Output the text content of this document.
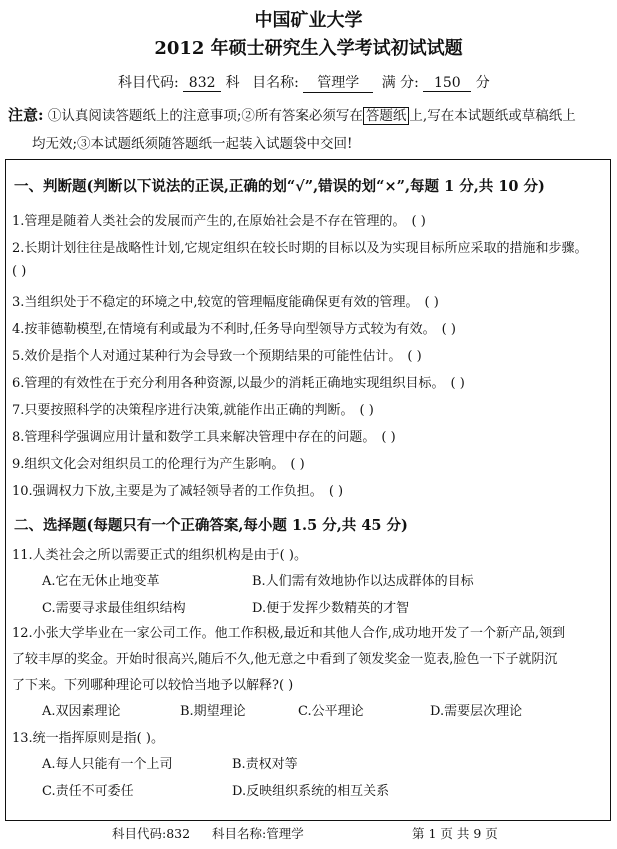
中国矿业大学
2012 年硕士研究生入学考试初试试题
科目代码: 832 科 目名称: 管理学 满 分: 150 分
注意: ①认真阅读答题纸上的注意事项;②所有答案必须写在 答题纸 上,写在本试题纸或草稿纸上
均无效;③本试题纸须随答题纸一起装入试题袋中交回!
一、判断题(判断以下说法的正误,正确的划“√”,错误的划“×”,每题 1 分,共 10 分)
1.管理是随着人类社会的发展而产生的,在原始社会是不存在管理的。 ( )
2.长期计划往往是战略性计划,它规定组织在较长时期的目标以及为实现目标所应采取的措施和步骤。
( )
3.当组织处于不稳定的环境之中,较宽的管理幅度能确保更有效的管理。 ( )
4.按菲德勒模型,在情境有利或最为不利时,任务导向型领导方式较为有效。 ( )
5.效价是指个人对通过某种行为会导致一个预期结果的可能性估计。 ( )
6.管理的有效性在于充分利用各种资源,以最少的消耗正确地实现组织目标。 ( )
7.只要按照科学的决策程序进行决策,就能作出正确的判断。 ( )
8.管理科学强调应用计量和数学工具来解决管理中存在的问题。 ( )
9.组织文化会对组织员工的伦理行为产生影响。 ( )
10.强调权力下放,主要是为了减轻领导者的工作负担。 ( )
二、选择题(每题只有一个正确答案,每小题 1.5 分,共 45 分)
11.人类社会之所以需要正式的组织机构是由于( )。
A.它在无休止地变革	B.人们需有效地协作以达成群体的目标
C.需要寻求最佳组织结构	D.便于发挥少数精英的才智
12.小张大学毕业在一家公司工作。他工作积极,最近和其他人合作,成功地开发了一个新产品,领到
了较丰厚的奖金。开始时很高兴,随后不久,他无意之中看到了领发奖金一览表,脸色一下子就阴沉
了下来。下列哪种理论可以较恰当地予以解释?( )
A.双因素理论	B.期望理论	C.公平理论	D.需要层次理论
13.统一指挥原则是指( )。
A.每人只能有一个上司	B.责权对等
C.责任不可委任	D.反映组织系统的相互关系
科目代码:832 科目名称:管理学	第 1 页 共 9 页
